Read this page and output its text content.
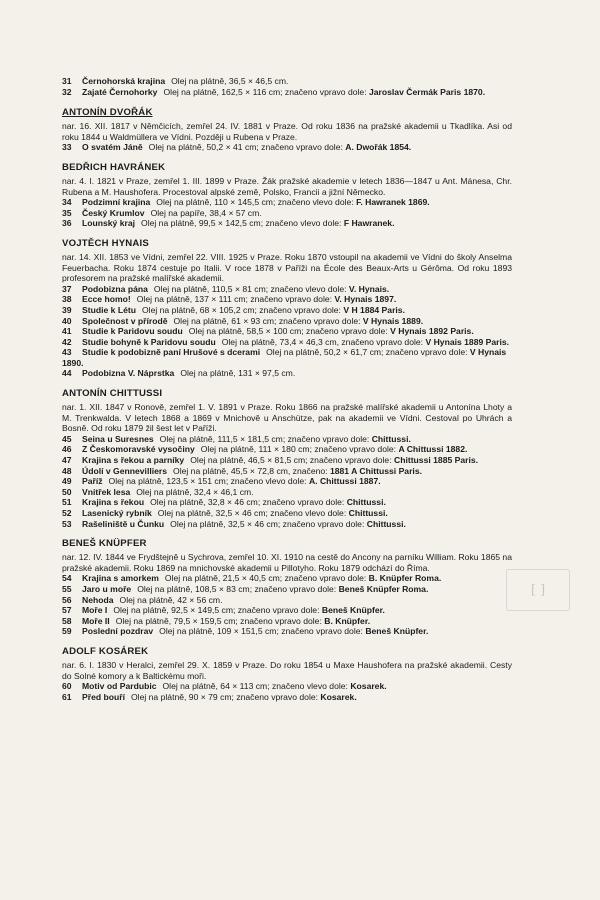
31 Černohorská krajina Olej na plátně, 36,5 × 46,5 cm.
32 Zajaté Černohorky Olej na plátně, 162,5 × 116 cm; značeno vpravo dole: Jaroslav Čermák Paris 1870.
ANTONÍN DVOŘÁK
nar. 16. XII. 1817 v Němčicích, zemřel 24. IV. 1881 v Praze. Od roku 1836 na pražské akademii u Tkadlíka. Asi od roku 1844 u Waldmüllera ve Vídni. Později u Rubena v Praze.
33 O svatém Jáně Olej na plátně, 50,2 × 41 cm; značeno vpravo dole: A. Dwořák 1854.
BEDŘICH HAVRÁNEK
nar. 4. I. 1821 v Praze, zemřel 1. III. 1899 v Praze. Žák pražské akademie v letech 1836—1847 u Ant. Mánesa, Chr. Rubena a M. Haushofera. Procestoval alpské země, Polsko, Francii a jižní Německo.
34 Podzimní krajina Olej na plátně, 110 × 145,5 cm; značeno vlevo dole: F. Hawranek 1869.
35 Český Krumlov Olej na papíře, 38,4 × 57 cm.
36 Lounský kraj Olej na plátně, 99,5 × 142,5 cm; značeno vlevo dole: F Hawranek.
VOJTĚCH HYNAIS
nar. 14. XII. 1853 ve Vídni, zemřel 22. VIII. 1925 v Praze. Roku 1870 vstoupil na akademii ve Vídni do školy Anselma Feuerbacha. Roku 1874 cestuje po Italii. V roce 1878 v Paříži na École des Beaux-Arts u Gérôma. Od roku 1893 profesorem na pražské malířské akademii.
37 Podobizna pána Olej na plátně, 110,5 × 81 cm; značeno vlevo dole: V. Hynais.
38 Ecce homo! Olej na plátně, 137 × 111 cm; značeno vpravo dole: V. Hynais 1897.
39 Studie k Létu Olej na plátně, 68 × 105,2 cm; značeno vpravo dole: V H 1884 Paris.
40 Společnost v přírodě Olej na plátně, 61 × 93 cm; značeno vpravo dole: V Hynais 1889.
41 Studie k Paridovu soudu Olej na plátně, 58,5 × 100 cm; značeno vpravo dole: V Hynais 1892 Paris.
42 Studie bohyně k Paridovu soudu Olej na plátně, 73,4 × 46,3 cm, značeno vpravo dole: V Hynais 1889 Paris.
43 Studie k podobizně paní Hrušové s dcerami Olej na plátně, 50,2 × 61,7 cm; značeno vpravo dole: V Hynais 1890.
44 Podobizna V. Náprstka Olej na plátně, 131 × 97,5 cm.
ANTONÍN CHITTUSSI
nar. 1. XII. 1847 v Ronově, zemřel 1. V. 1891 v Praze. Roku 1866 na pražské malířské akademii u Antonína Lhoty a M. Trenkwalda. V letech 1868 a 1869 v Mnichově u Anschütze, pak na akademii ve Vídni. Cestoval po Uhrách a Bosně. Od roku 1879 žil šest let v Paříži.
45 Seina u Suresnes Olej na plátně, 111,5 × 181,5 cm; značeno vpravo dole: Chittussi.
46 Z Českomoravské vysočiny Olej na plátně, 111 × 180 cm; značeno vpravo dole: A Chittussi 1882.
47 Krajina s řekou a parníky Olej na plátně, 46,5 × 81,5 cm; značeno vpravo dole: Chittussi 1885 Paris.
48 Údolí v Gennevilliers Olej na plátně, 45,5 × 72,8 cm, značeno: 1881 A Chittussi Paris.
49 Paříž Olej na plátně, 123,5 × 151 cm; značeno vlevo dole: A. Chittussi 1887.
50 Vnitřek lesa Olej na plátně, 32,4 × 46,1 cm.
51 Krajina s řekou Olej na plátně, 32,8 × 46 cm; značeno vpravo dole: Chittussi.
52 Lasenický rybník Olej na plátně, 32,5 × 46 cm; značeno vlevo dole: Chittussi.
53 Rašeliniště u Čunku Olej na plátně, 32,5 × 46 cm; značeno vpravo dole: Chittussi.
BENEŠ KNÜPFER
nar. 12. IV. 1844 ve Frydštejně u Sychrova, zemřel 10. XI. 1910 na cestě do Ancony na parníku William. Roku 1865 na pražské akademii. Roku 1869 na mnichovské akademii u Pillotyho. Roku 1879 odchází do Říma.
54 Krajina s amorkem Olej na plátně, 21,5 × 40,5 cm; značeno vpravo dole: B. Knüpfer Roma.
55 Jaro u moře Olej na plátně, 108,5 × 83 cm; značeno vpravo dole: Beneš Knüpfer Roma.
56 Nehoda Olej na plátně, 42 × 56 cm.
57 Moře I Olej na plátně, 92,5 × 149,5 cm; značeno vpravo dole: Beneš Knüpfer.
58 Moře II Olej na plátně, 79,5 × 159,5 cm; značeno vpravo dole: B. Knüpfer.
59 Poslední pozdrav Olej na plátně, 109 × 151,5 cm; značeno vpravo dole: Beneš Knüpfer.
ADOLF KOSÁREK
nar. 6. I. 1830 v Heralci, zemřel 29. X. 1859 v Praze. Do roku 1854 u Maxe Haushofera na pražské akademii. Cesty do Solné komory a k Baltickému moři.
60 Motiv od Pardubic Olej na plátně, 64 × 113 cm; značeno vlevo dole: Kosarek.
61 Před bouří Olej na plátně, 90 × 79 cm; značeno vpravo dole: Kosarek.
[ ]
